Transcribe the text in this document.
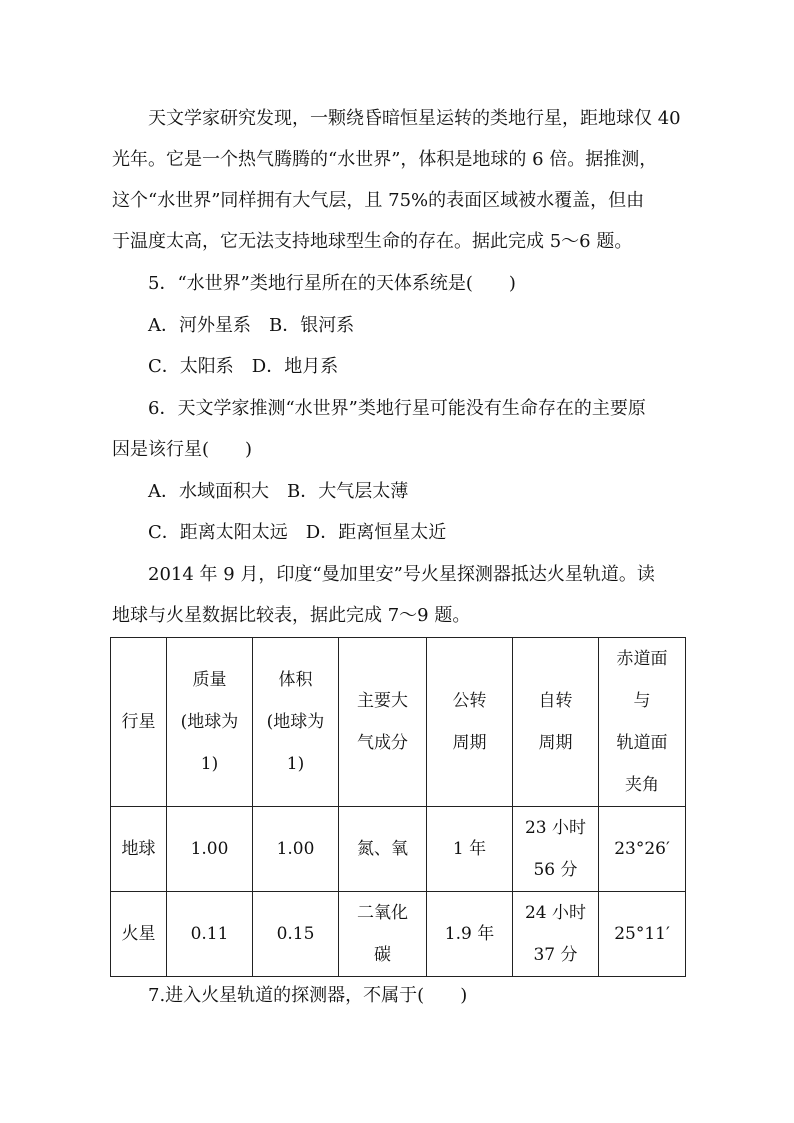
天文学家研究发现，一颗绕昏暗恒星运转的类地行星，距地球仅 40
光年。它是一个热气腾腾的“水世界”，体积是地球的 6 倍。据推测，
这个“水世界”同样拥有大气层，且 75%的表面区域被水覆盖，但由
于温度太高，它无法支持地球型生命的存在。据此完成 5～6 题。
5．“水世界”类地行星所在的天体系统是(　　)
A．河外星系　B．银河系
C．太阳系　D．地月系
6．天文学家推测“水世界”类地行星可能没有生命存在的主要原
因是该行星(　　)
A．水域面积大　B．大气层太薄
C．距离太阳太远　D．距离恒星太近
2014 年 9 月，印度“曼加里安”号火星探测器抵达火星轨道。读
地球与火星数据比较表，据此完成 7～9 题。
行星	质量
(地球为
1)	体积
(地球为
1)	主要大
气成分	公转
周期	自转
周期	赤道面
与
轨道面
夹角

地球	1.00	1.00	氮、氧	1 年	23 小时
56 分	23°26′

火星	0.11	0.15	二氧化
碳	1.9 年	24 小时
37 分	25°11′
7.进入火星轨道的探测器，不属于(　　)
